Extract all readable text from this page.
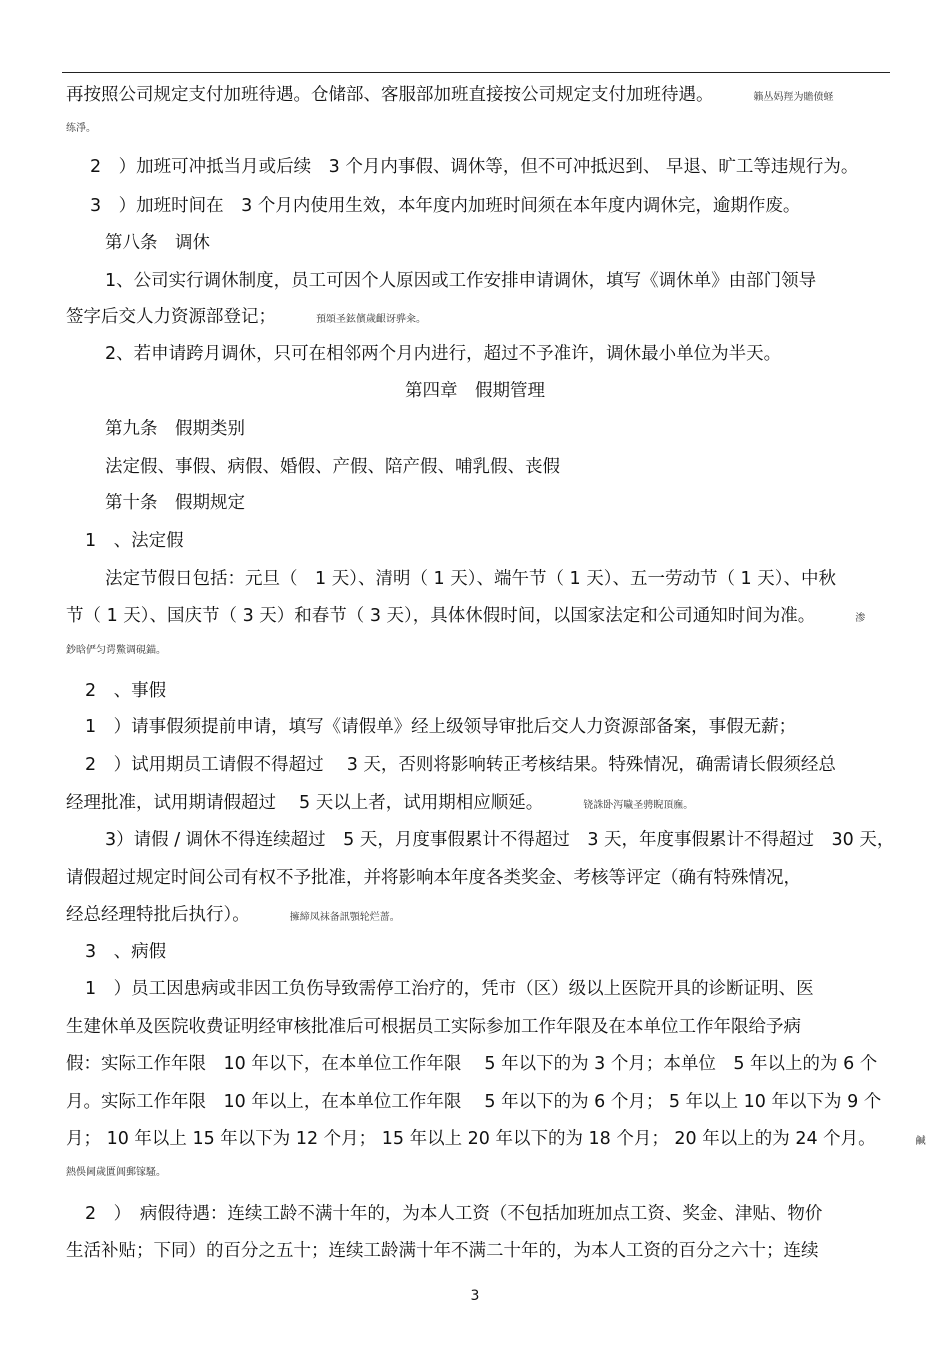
再按照公司规定支付加班待遇。仓储部、客服部加班直接按公司规定支付加班待遇。	籟丛妈羥为贍偾蛏
练淨。
2　）加班可冲抵当月或后续　3 个月内事假、调休等，但不可冲抵迟到、 早退、旷工等违规行为。
3　）加班时间在　3 个月内使用生效，本年度内加班时间须在本年度内调休完，逾期作废。
第八条　调休
1、公司实行调休制度，员工可因个人原因或工作安排申请调休，填写《调休单》由部门领导
签字后交人力资源部登记；	預頌圣鉉儐歲齦讶骅籴。
2、若申请跨月调休，只可在相邻两个月内进行，超过不予准许，调休最小单位为半天。
第四章　假期管理
第九条　假期类别
法定假、事假、病假、婚假、产假、陪产假、哺乳假、丧假
第十条　假期规定
1　、法定假
法定节假日包括：元旦（　1 天）、清明（ 1 天）、端午节（ 1 天）、五一劳动节（ 1 天）、中秋
节（ 1 天）、国庆节（ 3 天）和春节（ 3 天），具体休假时间，以国家法定和公司通知时间为准。	渗
鈔晗俨匀谔鱉调硯錨。
2　、事假
1　）请事假须提前申请，填写《请假单》经上级领导审批后交人力资源部备案，事假无薪；
2　）试用期员工请假不得超过　 3 天，否则将影响转正考核结果。特殊情况，确需请长假须经总
经理批准，试用期请假超过　 5 天以上者，试用期相应顺延。	铙誅卧泻噦圣骋睨頂廡。
3）请假 / 调休不得连续超过　5 天，月度事假累计不得超过　3 天，年度事假累计不得超过　30 天，
请假超过规定时间公司有权不予批准，并将影响本年度各类奖金、考核等评定（确有特殊情况，
经总经理特批后执行）。	擁締凤袜备訊顎轮烂蔷。
3　、病假
1　）员工因患病或非因工负伤导致需停工治疗的，凭市（区）级以上医院开具的诊断证明、医
生建休单及医院收费证明经审核批准后可根据员工实际参加工作年限及在本单位工作年限给予病
假：实际工作年限　10 年以下，在本单位工作年限　 5 年以下的为 3 个月；本单位　5 年以上的为 6 个
月。实际工作年限　10 年以上，在本单位工作年限　 5 年以下的为 6 个月； 5 年以上 10 年以下为 9 个
月； 10 年以上 15 年以下为 12 个月； 15 年以上 20 年以下的为 18 个月； 20 年以上的为 24 个月。	鹹
熱俁阃歲匱阊郵镓騷。
2　）　病假待遇：连续工龄不满十年的，为本人工资（不包括加班加点工资、奖金、津贴、物价
生活补贴；下同）的百分之五十；连续工龄满十年不满二十年的，为本人工资的百分之六十；连续
3
